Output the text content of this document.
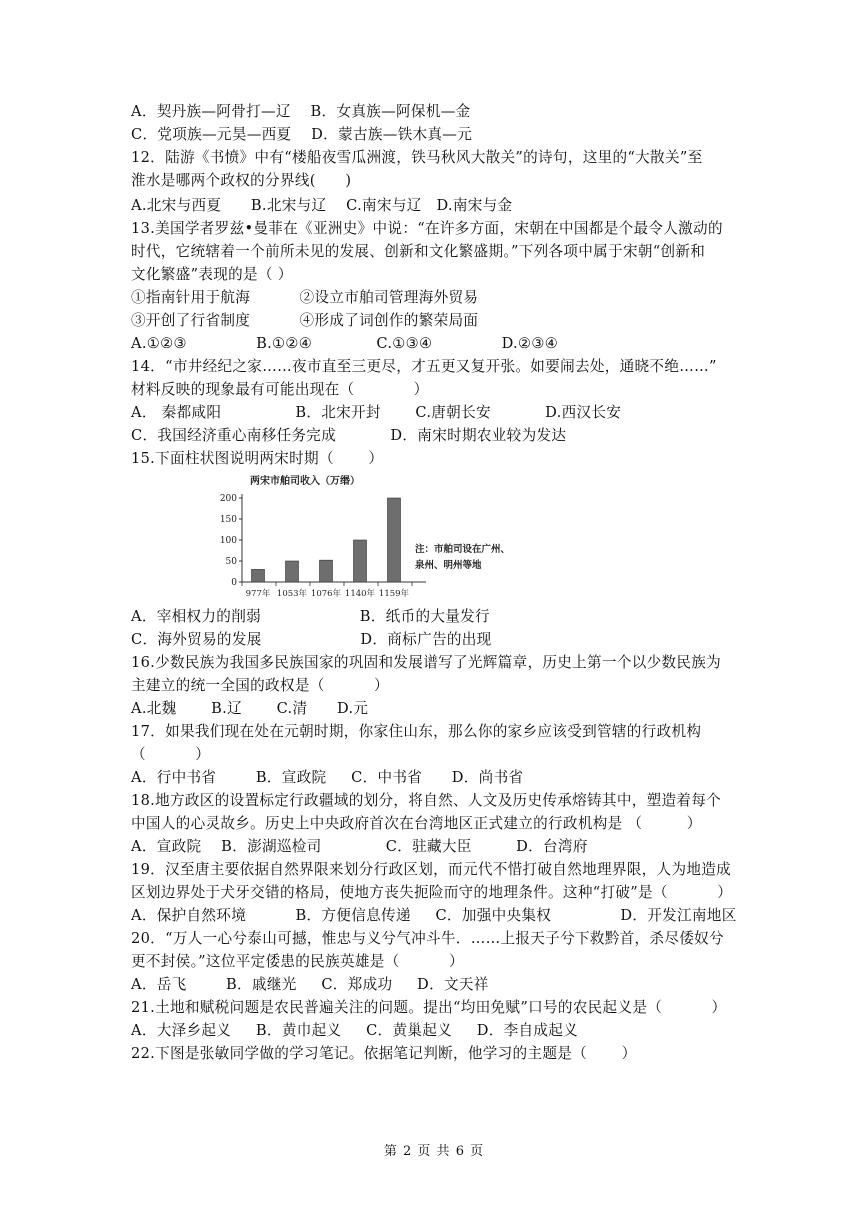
A．契丹族—阿骨打—辽    B．女真族—阿保机—金
C．党项族—元昊—西夏    D．蒙古族—铁木真—元
12．陆游《书愤》中有“楼船夜雪瓜洲渡，铁马秋风大散关”的诗句，这里的“大散关”至
淮水是哪两个政权的分界线(      )
A.北宋与西夏      B.北宋与辽    C.南宋与辽   D.南宋与金
13.美国学者罗兹•曼菲在《亚洲史》中说：“在许多方面，宋朝在中国都是个最令人激动的
时代，它统辖着一个前所未见的发展、创新和文化繁盛期。”下列各项中属于宋朝“创新和
文化繁盛”表现的是（ ）
①指南针用于航海          ②设立市舶司管理海外贸易
③开创了行省制度          ④形成了词创作的繁荣局面
A.①②③              B.①②④             C.①③④              D.②③④
14．“市井经纪之家……夜市直至三更尽，才五更又复开张。如要闹去处，通晓不绝……”
材料反映的现象最有可能出现在（            ）
A． 秦都咸阳               B．北宋开封       C.唐朝长安           D.西汉长安
C．我国经济重心南移任务完成           D．南宋时期农业较为发达
15.下面柱状图说明两宋时期（       ）
A．宰相权力的削弱                    B．纸币的大量发行
C．海外贸易的发展                    D．商标广告的出现
16.少数民族为我国多民族国家的巩固和发展谱写了光辉篇章，历史上第一个以少数民族为
主建立的统一全国的政权是（          ）
A.北魏       B.辽       C.清      D.元
17．如果我们现在处在元朝时期，你家住山东，那么你的家乡应该受到管辖的行政机构
（          ）
A．行中书省        B．宣政院     C．中书省      D．尚书省
18.地方政区的设置标定行政疆域的划分，将自然、人文及历史传承熔铸其中，塑造着每个
中国人的心灵故乡。历史上中央政府首次在台湾地区正式建立的行政机构是 （         ）
A．宣政院    B．澎湖巡检司             C．驻藏大臣         D．台湾府
19．汉至唐主要依据自然界限来划分行政区划，而元代不惜打破自然地理界限，人为地造成
区划边界处于犬牙交错的格局，使地方丧失扼险而守的地理条件。这种“打破”是（          ）
A．保护自然环境          B．方便信息传递     C．加强中央集权              D．开发江南地区
20．“万人一心兮泰山可撼，惟忠与义兮气冲斗牛．……上报天子兮下救黔首，杀尽倭奴兮
更不封侯。”这位平定倭患的民族英雄是（          ）
A．岳飞        B．戚继光     C．郑成功     D．文天祥
21.土地和赋税问题是农民普遍关注的问题。提出“均田免赋”口号的农民起义是（          ）
A．大泽乡起义     B．黄巾起义     C．黄巢起义     D．李自成起义
22.下图是张敏同学做的学习笔记。依据笔记判断，他学习的主题是（       ）
两宋市舶司收入（万缗）
0
50
100
150
200
977年 1053年 1076年 1140年 1159年
注：市舶司设在广州、
泉州、明州等地
第 2 页 共 6 页
